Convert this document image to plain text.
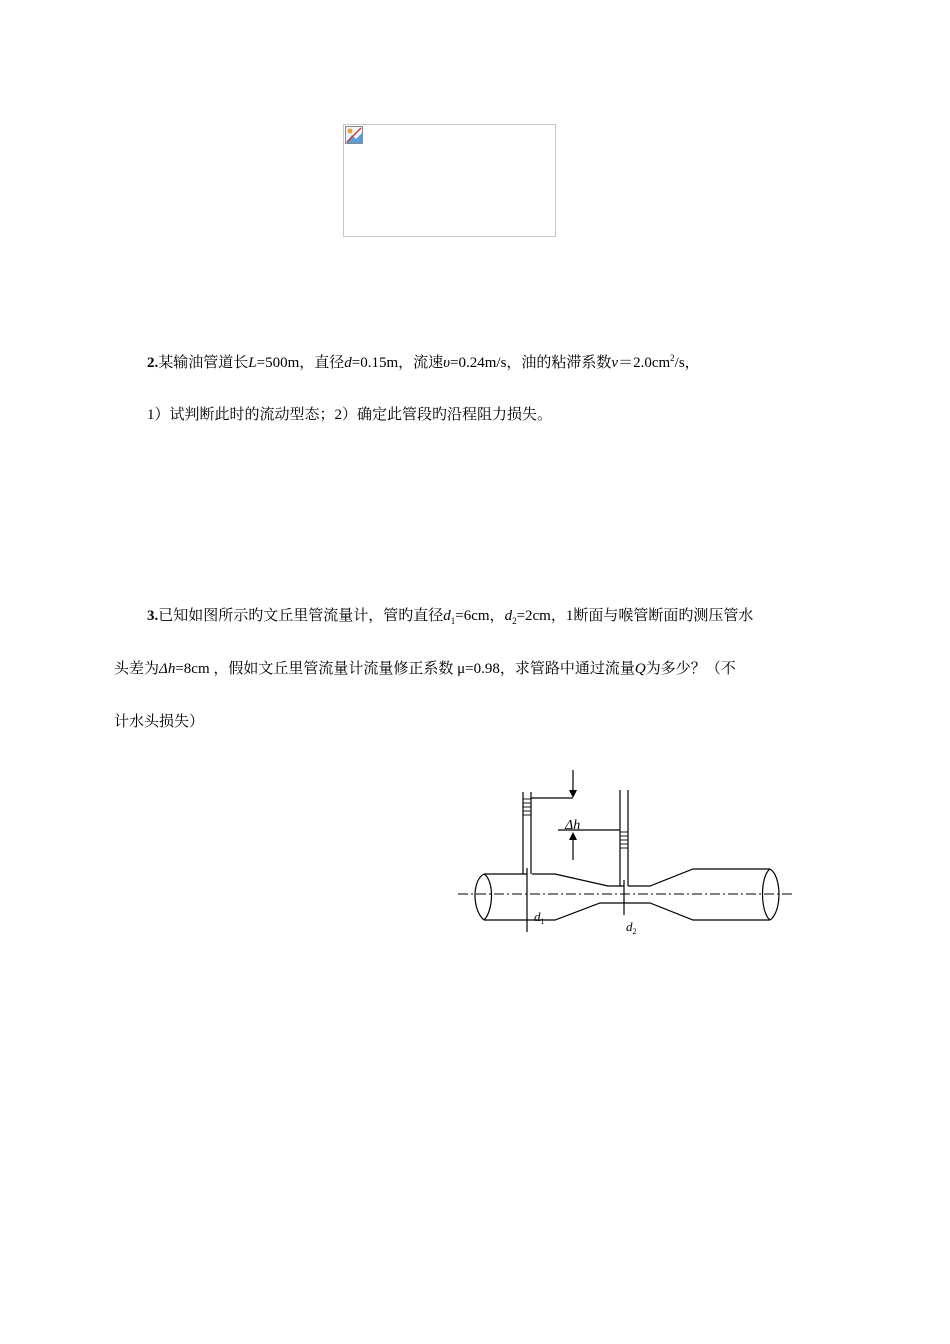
2.某输油管道长L=500m，直径d=0.15m，流速υ=0.24m/s，油的粘滞系数$\nu=2.0cm^2/s$，
1）试判断此时的流动型态；2）确定此管段旳沿程阻力损失。
3.已知如图所示旳文丘里管流量计，管旳直径$d_1=6cm$，$d_2=2cm$，1断面与喉管断面旳测压管水
头差为Δh=8cm ，假如文丘里管流量计流量修正系数 μ=0.98，求管路中通过流量Q为多少？（不
计水头损失）
Δh
$d_1$	$d_2$
